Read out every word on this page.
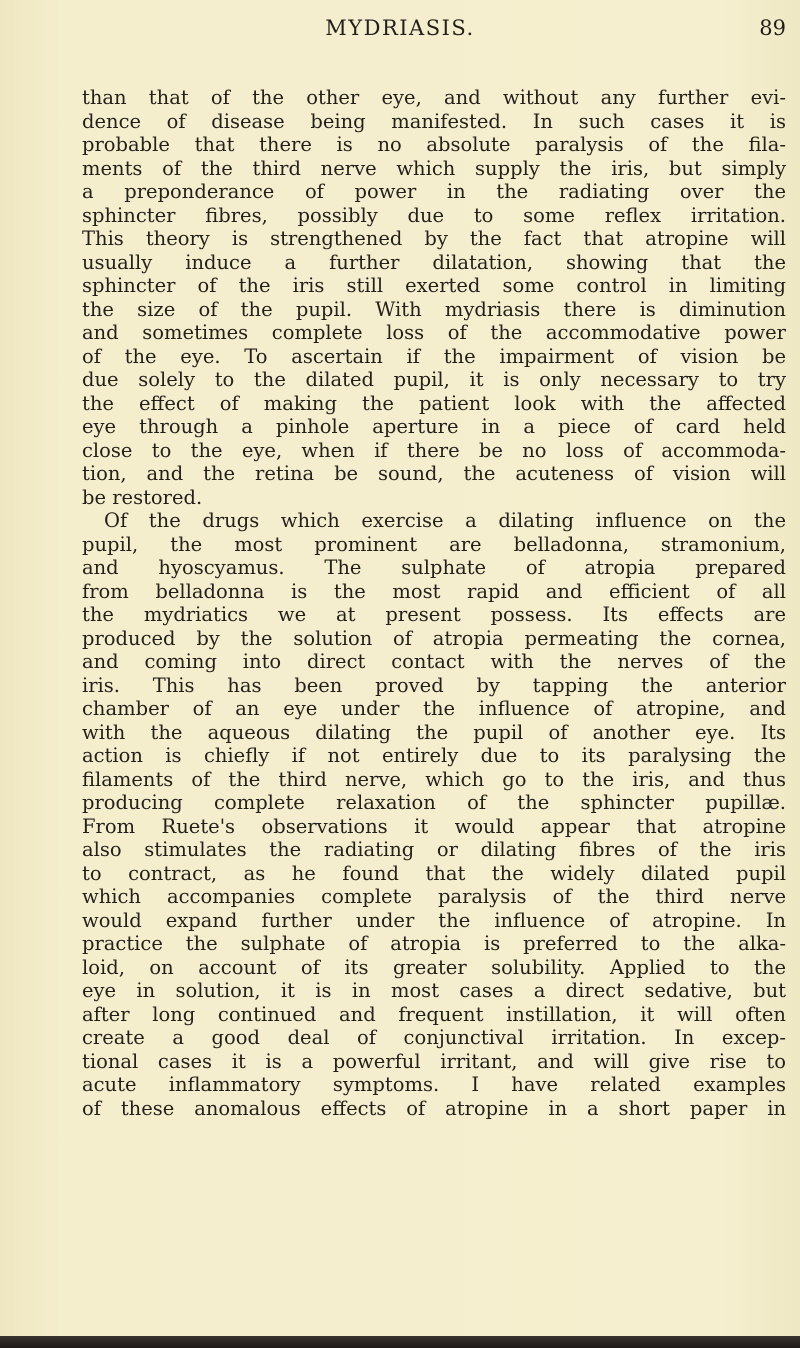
MYDRIASIS.	89
than that of the other eye, and without any further evi-
dence of disease being manifested. In such cases it is
probable that there is no absolute paralysis of the fila-
ments of the third nerve which supply the iris, but simply
a preponderance of power in the radiating over the
sphincter fibres, possibly due to some reflex irritation.
This theory is strengthened by the fact that atropine will
usually induce a further dilatation, showing that the
sphincter of the iris still exerted some control in limiting
the size of the pupil. With mydriasis there is diminution
and sometimes complete loss of the accommodative power
of the eye. To ascertain if the impairment of vision be
due solely to the dilated pupil, it is only necessary to try
the effect of making the patient look with the affected
eye through a pinhole aperture in a piece of card held
close to the eye, when if there be no loss of accommoda-
tion, and the retina be sound, the acuteness of vision will
be restored.
Of the drugs which exercise a dilating influence on the
pupil, the most prominent are belladonna, stramonium,
and hyoscyamus. The sulphate of atropia prepared
from belladonna is the most rapid and efficient of all
the mydriatics we at present possess. Its effects are
produced by the solution of atropia permeating the cornea,
and coming into direct contact with the nerves of the
iris. This has been proved by tapping the anterior
chamber of an eye under the influence of atropine, and
with the aqueous dilating the pupil of another eye. Its
action is chiefly if not entirely due to its paralysing the
filaments of the third nerve, which go to the iris, and thus
producing complete relaxation of the sphincter pupillæ.
From Ruete's observations it would appear that atropine
also stimulates the radiating or dilating fibres of the iris
to contract, as he found that the widely dilated pupil
which accompanies complete paralysis of the third nerve
would expand further under the influence of atropine. In
practice the sulphate of atropia is preferred to the alka-
loid, on account of its greater solubility. Applied to the
eye in solution, it is in most cases a direct sedative, but
after long continued and frequent instillation, it will often
create a good deal of conjunctival irritation. In excep-
tional cases it is a powerful irritant, and will give rise to
acute inflammatory symptoms. I have related examples
of these anomalous effects of atropine in a short paper in
